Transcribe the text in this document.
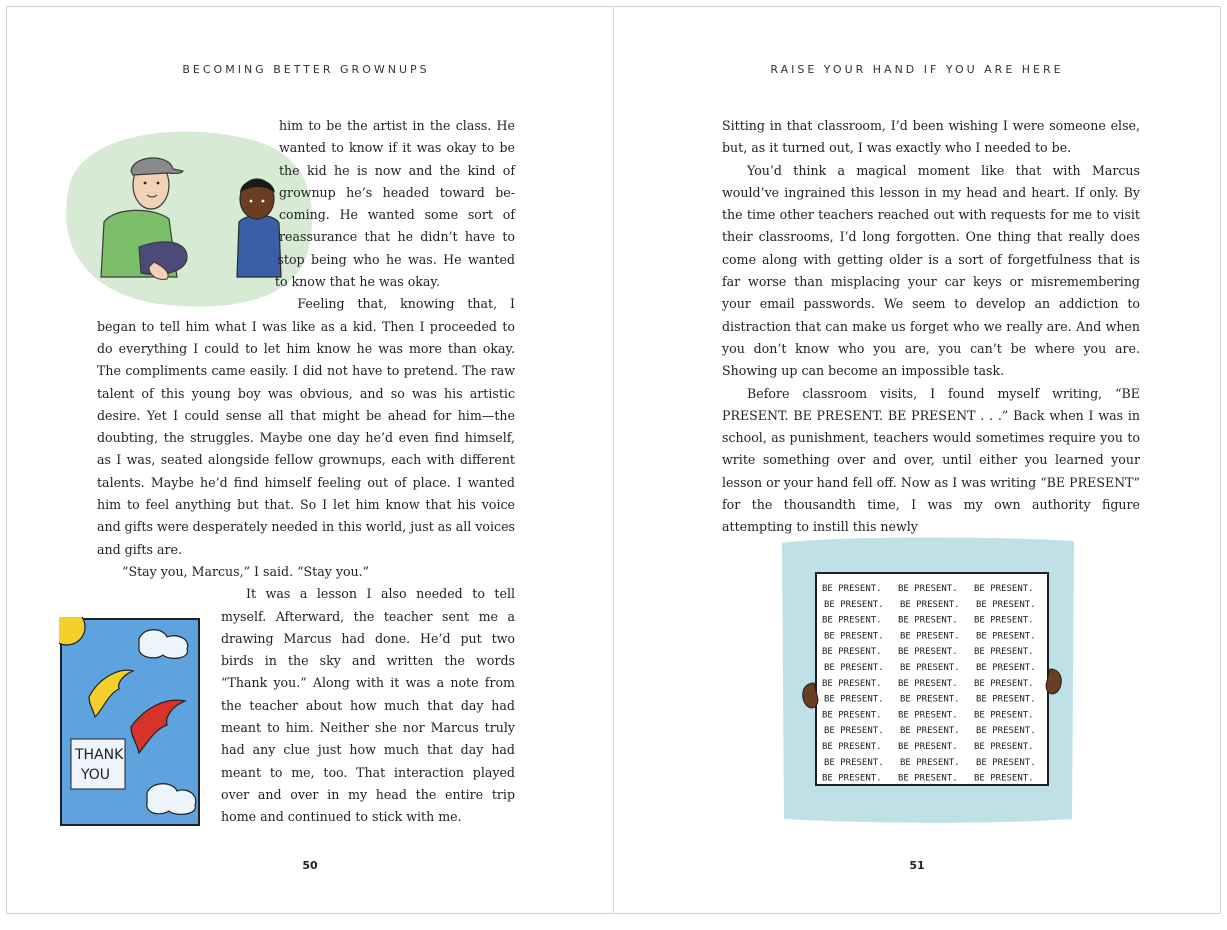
BECOMING BETTER GROWNUPS

him to be the artist in the class. He wanted to know if it was okay to be the kid he is now and the kind of grownup he’s headed toward becoming. He wanted some sort of reassurance that he didn’t have to stop being who he was. He wanted to know that he was okay.

Feeling that, knowing that, I began to tell him what I was like as a kid. Then I proceeded to do everything I could to let him know he was more than okay. The compliments came easily. I did not have to pretend. The raw talent of this young boy was obvious, and so was his artistic desire. Yet I could sense all that might be ahead for him—the doubting, the struggles. Maybe one day he’d even find himself, as I was, seated alongside fellow grownups, each with different talents. Maybe he’d find himself feeling out of place. I wanted him to feel anything but that. So I let him know that his voice and gifts were desperately needed in this world, just as all voices and gifts are.

“Stay you, Marcus,” I said. “Stay you.”

It was a lesson I also needed to tell myself. Afterward, the teacher sent me a drawing Marcus had done. He’d put two birds in the sky and written the words “Thank you.” Along with it was a note from the teacher about how much that day had meant to him. Neither she nor Marcus truly had any clue just how much that day had meant to me, too. That interaction played over and over in my head the entire trip home and continued to stick with me.

THANK
YOU
50
RAISE YOUR HAND IF YOU ARE HERE

Sitting in that classroom, I’d been wishing I were someone else, but, as it turned out, I was exactly who I needed to be.

You’d think a magical moment like that with Marcus would’ve ingrained this lesson in my head and heart. If only. By the time other teachers reached out with requests for me to visit their classrooms, I’d long forgotten. One thing that really does come along with getting older is a sort of forgetfulness that is far worse than misplacing your car keys or misremembering your email passwords. We seem to develop an addiction to distraction that can make us forget who we really are. And when you don’t know who you are, you can’t be where you are. Showing up can become an impossible task.

Before classroom visits, I found myself writing, “BE PRESENT. BE PRESENT. BE PRESENT . . .” Back when I was in school, as punishment, teachers would sometimes require you to write something over and over, until either you learned your lesson or your hand fell off. Now as I was writing “BE PRESENT” for the thousandth time, I was my own authority figure attempting to instill this newly

BE PRESENT. BE PRESENT. BE PRESENT.
BE PRESENT. BE PRESENT. BE PRESENT.
BE PRESENT. BE PRESENT. BE PRESENT.
BE PRESENT. BE PRESENT. BE PRESENT.
BE PRESENT. BE PRESENT. BE PRESENT.
BE PRESENT. BE PRESENT. BE PRESENT.
BE PRESENT. BE PRESENT. BE PRESENT.
BE PRESENT. BE PRESENT. BE PRESENT.
BE PRESENT. BE PRESENT. BE PRESENT.
BE PRESENT. BE PRESENT. BE PRESENT.
BE PRESENT. BE PRESENT. BE PRESENT.
BE PRESENT. BE PRESENT. BE PRESENT.
BE PRESENT. BE PRESENT. BE PRESENT.
51
